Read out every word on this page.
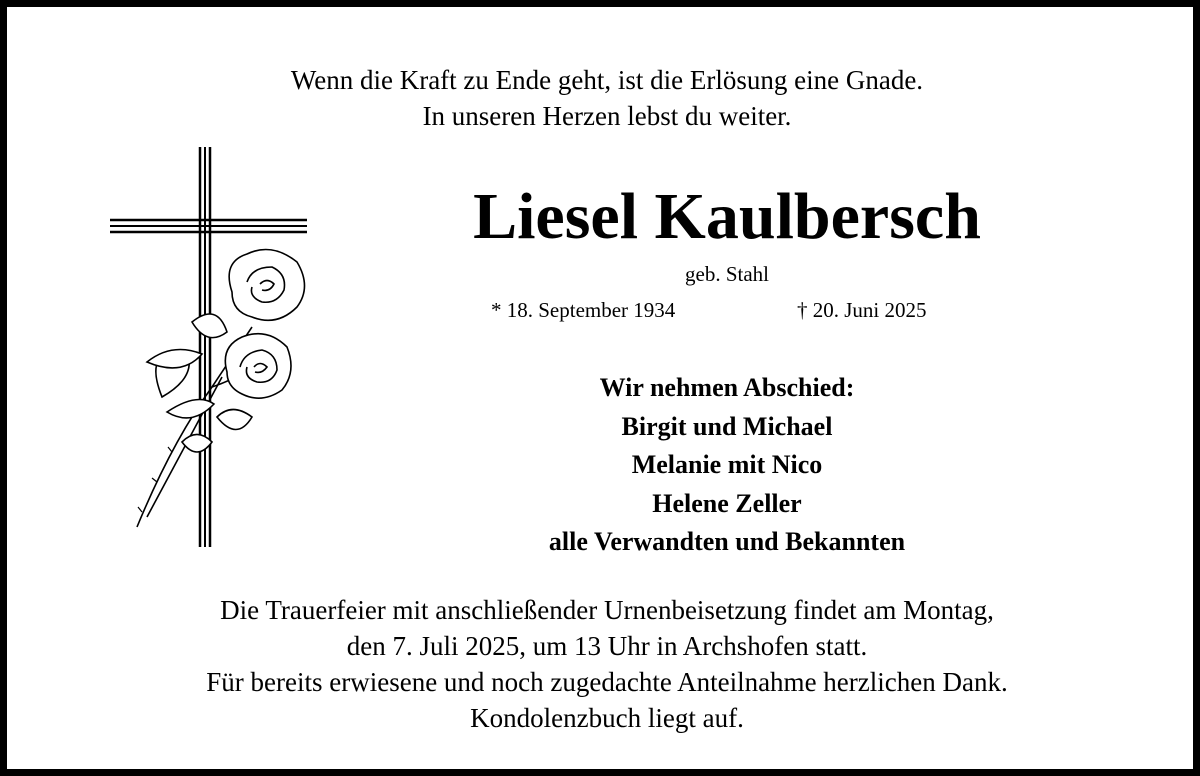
Wenn die Kraft zu Ende geht, ist die Erlösung eine Gnade.
In unseren Herzen lebst du weiter.
Liesel Kaulbersch
geb. Stahl
* 18. September 1934	† 20. Juni 2025
Wir nehmen Abschied:
Birgit und Michael
Melanie mit Nico
Helene Zeller
alle Verwandten und Bekannten
Die Trauerfeier mit anschließender Urnenbeisetzung findet am Montag,
den 7. Juli 2025, um 13 Uhr in Archshofen statt.
Für bereits erwiesene und noch zugedachte Anteilnahme herzlichen Dank.
Kondolenzbuch liegt auf.
